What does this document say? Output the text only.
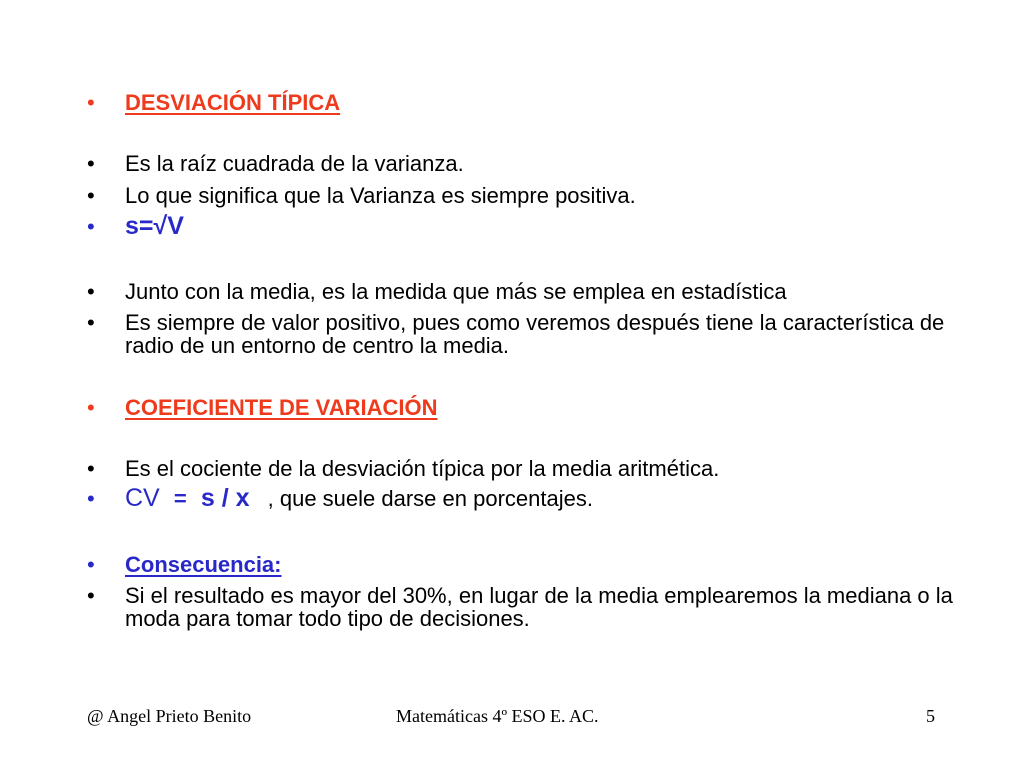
•	DESVIACIÓN TÍPICA
•	Es la raíz cuadrada de la varianza.
•	Lo que significa que la Varianza es siempre positiva.
•	s=√V
•	Junto con la media, es la medida que más se emplea en estadística
•	Es siempre de valor positivo, pues como veremos después tiene la característica de radio de un entorno de centro la media.
•	COEFICIENTE DE VARIACIÓN
•	Es el cociente de la desviación típica por la media aritmética.
•	CV = s / x , que suele darse en porcentajes.
•	Consecuencia:
•	Si el resultado es mayor del 30%, en lugar de la media emplearemos la mediana o la moda para tomar todo tipo de decisiones.
@ Angel Prieto Benito	Matemáticas 4º ESO E. AC.	5
